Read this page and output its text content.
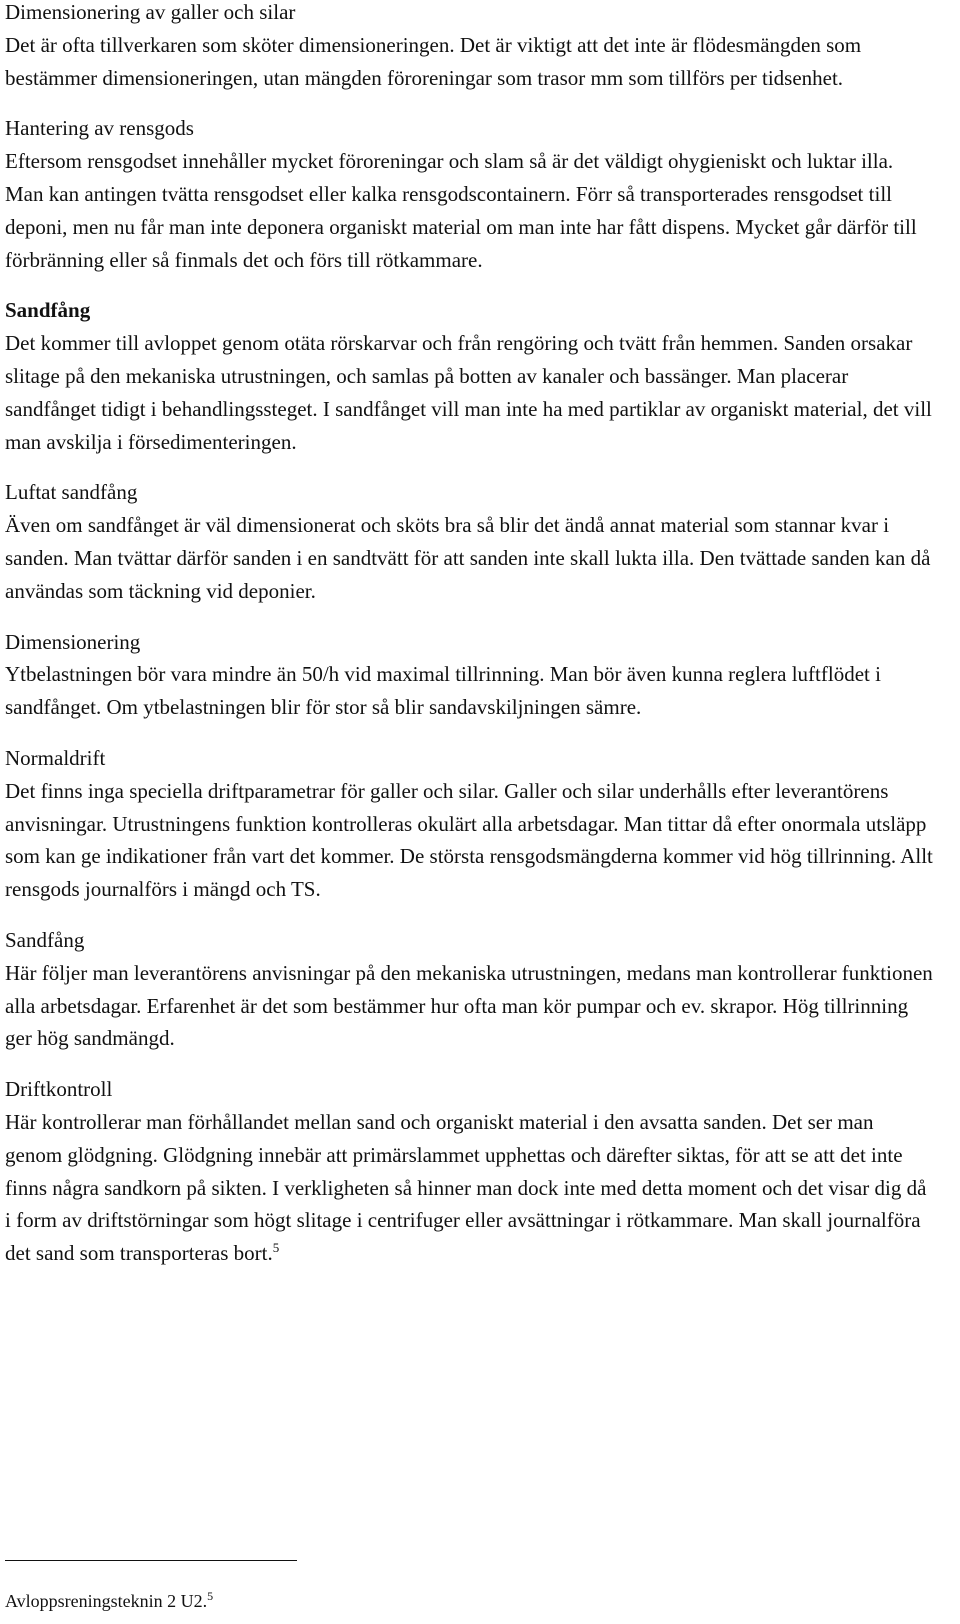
Dimensionering av galler och silar

Det är ofta tillverkaren som sköter dimensioneringen. Det är viktigt att det inte är flödesmängden som bestämmer dimensioneringen, utan mängden föroreningar som trasor mm som tillförs per tidsenhet.

Hantering av rensgods

Eftersom rensgodset innehåller mycket föroreningar och slam så är det väldigt ohygieniskt och luktar illa. Man kan antingen tvätta rensgodset eller kalka rensgodscontainern. Förr så transporterades rensgodset till deponi, men nu får man inte deponera organiskt material om man inte har fått dispens. Mycket går därför till förbränning eller så finmals det och förs till rötkammare.

Sandfång

Det kommer till avloppet genom otäta rörskarvar och från rengöring och tvätt från hemmen. Sanden orsakar slitage på den mekaniska utrustningen, och samlas på botten av kanaler och bassänger. Man placerar sandfånget tidigt i behandlingssteget. I sandfånget vill man inte ha med partiklar av organiskt material, det vill man avskilja i försedimenteringen.

Luftat sandfång

Även om sandfånget är väl dimensionerat och sköts bra så blir det ändå annat material som stannar kvar i sanden. Man tvättar därför sanden i en sandtvätt för att sanden inte skall lukta illa. Den tvättade sanden kan då användas som täckning vid deponier.

Dimensionering

Ytbelastningen bör vara mindre än 50/h vid maximal tillrinning. Man bör även kunna reglera luftflödet i sandfånget. Om ytbelastningen blir för stor så blir sandavskiljningen sämre.

Normaldrift

Det finns inga speciella driftparametrar för galler och silar. Galler och silar underhålls efter leverantörens anvisningar. Utrustningens funktion kontrolleras okulärt alla arbetsdagar. Man tittar då efter onormala utsläpp som kan ge indikationer från vart det kommer. De största rensgodsmängderna kommer vid hög tillrinning. Allt rensgods journalförs i mängd och TS.

Sandfång

Här följer man leverantörens anvisningar på den mekaniska utrustningen, medans man kontrollerar funktionen alla arbetsdagar. Erfarenhet är det som bestämmer hur ofta man kör pumpar och ev. skrapor. Hög tillrinning ger hög sandmängd.

Driftkontroll

Här kontrollerar man förhållandet mellan sand och organiskt material i den avsatta sanden. Det ser man genom glödgning. Glödgning innebär att primärslammet upphettas och därefter siktas, för att se att det inte finns några sandkorn på sikten. I verkligheten så hinner man dock inte med detta moment och det visar dig då i form av driftstörningar som högt slitage i centrifuger eller avsättningar i rötkammare. Man skall journalföra det sand som transporteras bort.$^5$

Avloppsreningsteknin 2 U2.$^5$
